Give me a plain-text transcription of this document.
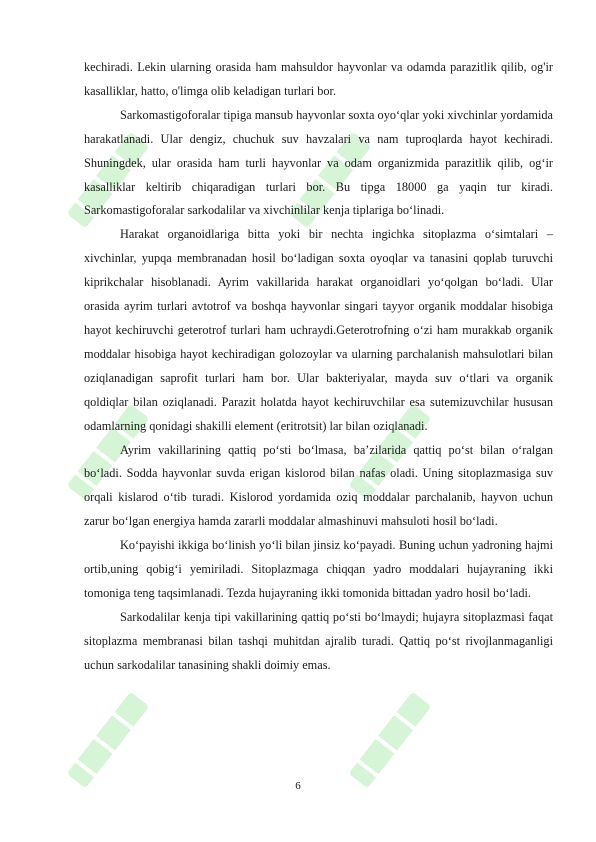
kechiradi. Lekin ularning orasida ham mahsuldor hayvonlar va odamda parazitlik qilib, og'ir kasalliklar, hatto, o'limga olib keladigan turlari bor.

Sarkomastigoforalar tipiga mansub hayvonlar soxta oyo‘qlar yoki xivchinlar yordamida harakatlanadi. Ular dengiz, chuchuk suv havzalari va nam tuproqlarda hayot kechiradi. Shuningdek, ular orasida ham turli hayvonlar va odam organizmida parazitlik qilib, og‘ir kasalliklar keltirib chiqaradigan turlari bor. Bu tipga 18000 ga yaqin tur kiradi. Sarkomastigoforalar sarkodalilar va xivchinlilar kenja tiplariga bo‘linadi.

Harakat organoidlariga bitta yoki bir nechta ingichka sitoplazma o‘simtalari – xivchinlar, yupqa membranadan hosil bo‘ladigan soxta oyoqlar va tanasini qoplab turuvchi kiprikchalar hisoblanadi. Ayrim vakillarida harakat organoidlari yo‘qolgan bo‘ladi. Ular orasida ayrim turlari avtotrof va boshqa hayvonlar singari tayyor organik moddalar hisobiga hayot kechiruvchi geterotrof turlari ham uchraydi.Geterotrofning o‘zi ham murakkab organik moddalar hisobiga hayot kechiradigan golozoylar va ularning parchalanish mahsulotlari bilan oziqlanadigan saprofit turlari ham bor. Ular bakteriyalar, mayda suv o‘tlari va organik qoldiqlar bilan oziqlanadi. Parazit holatda hayot kechiruvchilar esa sutemizuvchilar hususan odamlarning qonidagi shakilli element (eritrotsit) lar bilan oziqlanadi.

Ayrim vakillarining qattiq po‘sti bo‘lmasa, ba’zilarida qattiq po‘st bilan o‘ralgan bo‘ladi. Sodda hayvonlar suvda erigan kislorod bilan nafas oladi. Uning sitoplazmasiga suv orqali kislarod o‘tib turadi. Kislorod yordamida oziq moddalar parchalanib, hayvon uchun zarur bo‘lgan energiya hamda zararli moddalar almashinuvi mahsuloti hosil bo‘ladi.

Ko‘payishi ikkiga bo‘linish yo‘li bilan jinsiz ko‘payadi. Buning uchun yadroning hajmi ortib,uning qobig‘i yemiriladi. Sitoplazmaga chiqqan yadro moddalari hujayraning ikki tomoniga teng taqsimlanadi. Tezda hujayraning ikki tomonida bittadan yadro hosil bo‘ladi.

Sarkodalilar kenja tipi vakillarining qattiq po‘sti bo‘lmaydi; hujayra sitoplazmasi faqat sitoplazma membranasi bilan tashqi muhitdan ajralib turadi. Qattiq po‘st rivojlanmaganligi uchun sarkodalilar tanasining shakli doimiy emas.

6
